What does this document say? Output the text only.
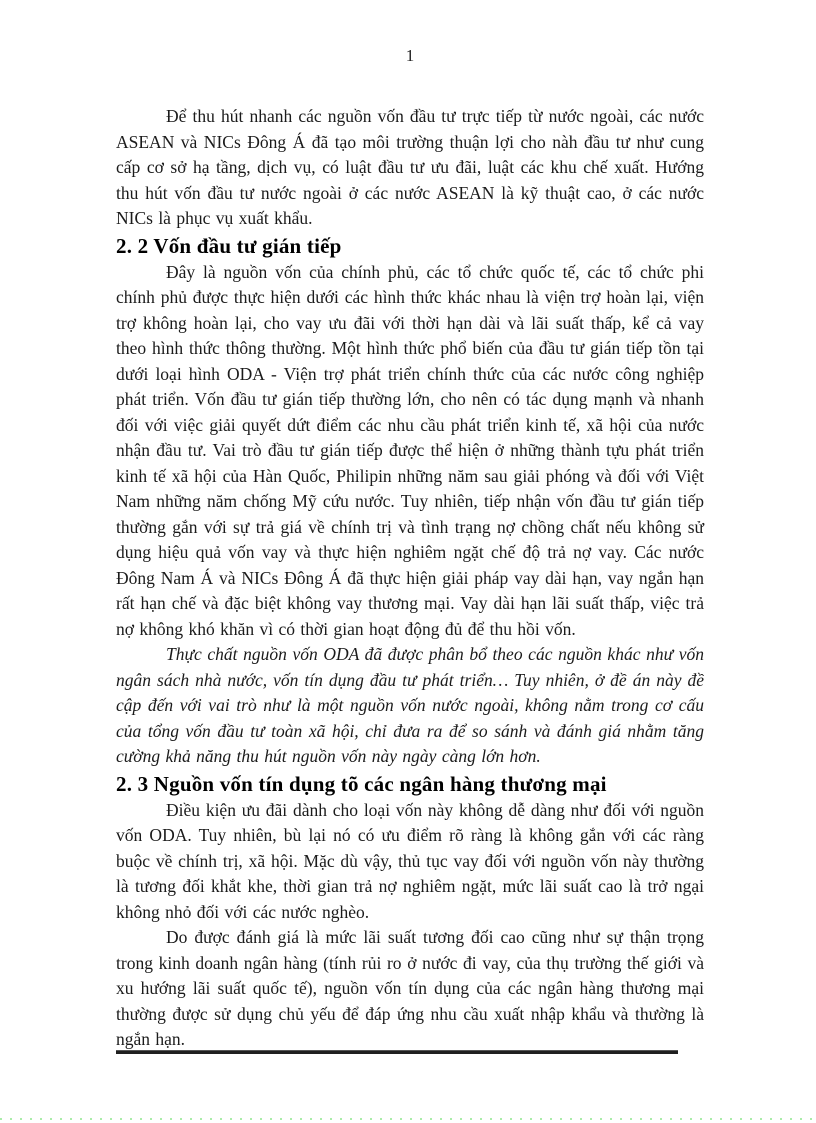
1

Để thu hút nhanh các nguồn vốn đầu tư trực tiếp từ nước ngoài, các nước ASEAN và NICs Đông Á đã tạo môi trường thuận lợi cho nàh đầu tư như cung cấp cơ sở hạ tầng, dịch vụ, có luật đầu tư ưu đãi, luật các khu chế xuất. Hướng thu hút vốn đầu tư nước ngoài ở các nước ASEAN là kỹ thuật cao, ở các nước NICs là phục vụ xuất khẩu.

2. 2 Vốn đầu tư gián tiếp

Đây là nguồn vốn của chính phủ, các tổ chức quốc tế, các tổ chức phi chính phủ được thực hiện dưới các hình thức khác nhau là viện trợ hoàn lại, viện trợ không hoàn lại, cho vay ưu đãi với thời hạn dài và lãi suất thấp, kể cả vay theo hình thức thông thường. Một hình thức phổ biến của đầu tư gián tiếp tồn tại dưới loại hình ODA - Viện trợ phát triển chính thức của các nước công nghiệp phát triển. Vốn đầu tư gián tiếp thường lớn, cho nên có tác dụng mạnh và nhanh đối với việc giải quyết dứt điểm các nhu cầu phát triển kinh tế, xã hội của nước nhận đầu tư. Vai trò đầu tư gián tiếp được thể hiện ở những thành tựu phát triển kinh tế xã hội của Hàn Quốc, Philipin những năm sau giải phóng và đối với Việt Nam những năm chống Mỹ cứu nước. Tuy nhiên, tiếp nhận vốn đầu tư gián tiếp thường gắn với sự trả giá về chính trị và tình trạng nợ chồng chất nếu không sử dụng hiệu quả vốn vay và thực hiện nghiêm ngặt chế độ trả nợ vay. Các nước Đông Nam Á và NICs Đông Á đã thực hiện giải pháp vay dài hạn, vay ngắn hạn rất hạn chế và đặc biệt không vay thương mại. Vay dài hạn lãi suất thấp, việc trả nợ không khó khăn vì có thời gian hoạt động đủ để thu hồi vốn.

Thực chất nguồn vốn ODA đã được phân bổ theo các nguồn khác như vốn ngân sách nhà nước, vốn tín dụng đầu tư phát triển… Tuy nhiên, ở đề án này đề cập đến với vai trò như là một nguồn vốn nước ngoài, không nằm trong cơ cấu của tổng vốn đầu tư toàn xã hội, chỉ đưa ra để so sánh và đánh giá nhằm tăng cường khả năng thu hút nguồn vốn này ngày càng lớn hơn.

2. 3 Nguồn vốn tín dụng tõ các ngân hàng thương mại

Điều kiện ưu đãi dành cho loại vốn này không dễ dàng như đối với nguồn vốn ODA. Tuy nhiên, bù lại nó có ưu điểm rõ ràng là không gắn với các ràng buộc về chính trị, xã hội. Mặc dù vậy, thủ tục vay đối với nguồn vốn này thường là tương đối khắt khe, thời gian trả nợ nghiêm ngặt, mức lãi suất cao là trở ngại không nhỏ đối với các nước nghèo.

Do được đánh giá là mức lãi suất tương đối cao cũng như sự thận trọng trong kinh doanh ngân hàng (tính rủi ro ở nước đi vay, của thụ trường thế giới và xu hướng lãi suất quốc tế), nguồn vốn tín dụng của các ngân hàng thương mại thường được sử dụng chủ yếu để đáp ứng nhu cầu xuất nhập khẩu và thường là ngắn hạn.
